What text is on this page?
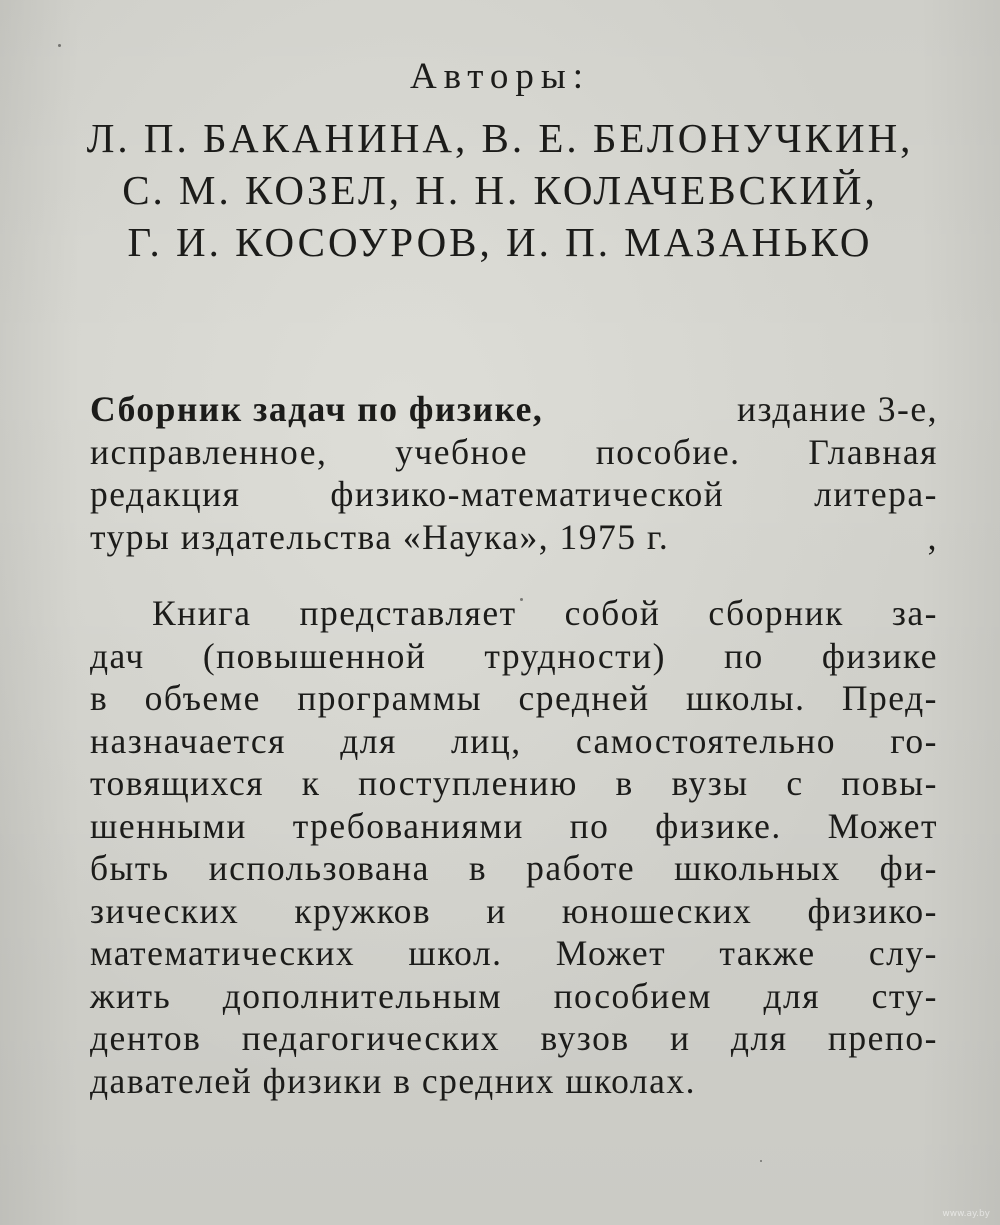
Авторы:
Л. П. БАКАНИНА, В. Е. БЕЛОНУЧКИН,
С. М. КОЗЕЛ, Н. Н. КОЛАЧЕВСКИЙ,
Г. И. КОСОУРОВ, И. П. МАЗАНЬКО
Сборник задач по физике,	издание 3-е,
исправленное, учебное пособие. Главная
редакция	физико-математической	литера-
туры издательства «Наука», 1975 г.	,
Книга представляет собой сборник за-
дач (повышенной трудности) по физике
в объеме программы средней школы. Пред-
назначается для лиц, самостоятельно го-
товящихся к поступлению в вузы с повы-
шенными требованиями по физике. Может
быть использована в работе школьных фи-
зических кружков и юношеских физико-
математических школ. Может также слу-
жить дополнительным пособием для сту-
дентов педагогических вузов и для препо-
давателей физики в средних школах.
www.ay.by
